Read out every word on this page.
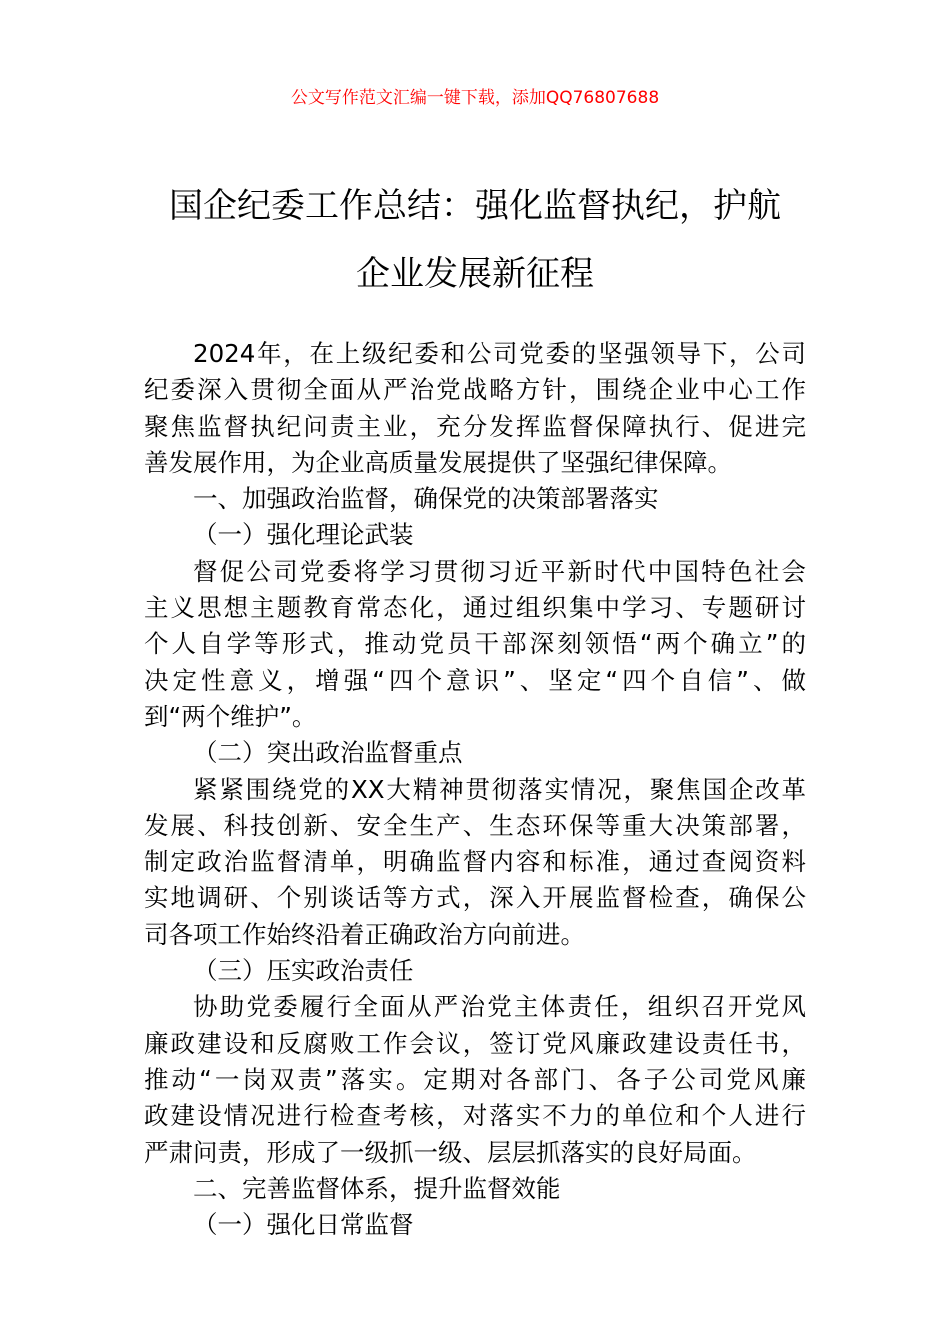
公文写作范文汇编一键下载，添加QQ76807688
国企纪委工作总结：强化监督执纪，护航
企业发展新征程
2024年，在上级纪委和公司党委的坚强领导下，公司
纪委深入贯彻全面从严治党战略方针，围绕企业中心工作
聚焦监督执纪问责主业，充分发挥监督保障执行、促进完
善发展作用，为企业高质量发展提供了坚强纪律保障。
一、加强政治监督，确保党的决策部署落实
（一）强化理论武装
督促公司党委将学习贯彻习近平新时代中国特色社会
主义思想主题教育常态化，通过组织集中学习、专题研讨
个人自学等形式，推动党员干部深刻领悟“两个确立”的
决定性意义，增强“四个意识”、坚定“四个自信”、做
到“两个维护”。
（二）突出政治监督重点
紧紧围绕党的XX大精神贯彻落实情况，聚焦国企改革
发展、科技创新、安全生产、生态环保等重大决策部署，
制定政治监督清单，明确监督内容和标准，通过查阅资料
实地调研、个别谈话等方式，深入开展监督检查，确保公
司各项工作始终沿着正确政治方向前进。
（三）压实政治责任
协助党委履行全面从严治党主体责任，组织召开党风
廉政建设和反腐败工作会议，签订党风廉政建设责任书，
推动“一岗双责”落实。定期对各部门、各子公司党风廉
政建设情况进行检查考核，对落实不力的单位和个人进行
严肃问责，形成了一级抓一级、层层抓落实的良好局面。
二、完善监督体系，提升监督效能
（一）强化日常监督
